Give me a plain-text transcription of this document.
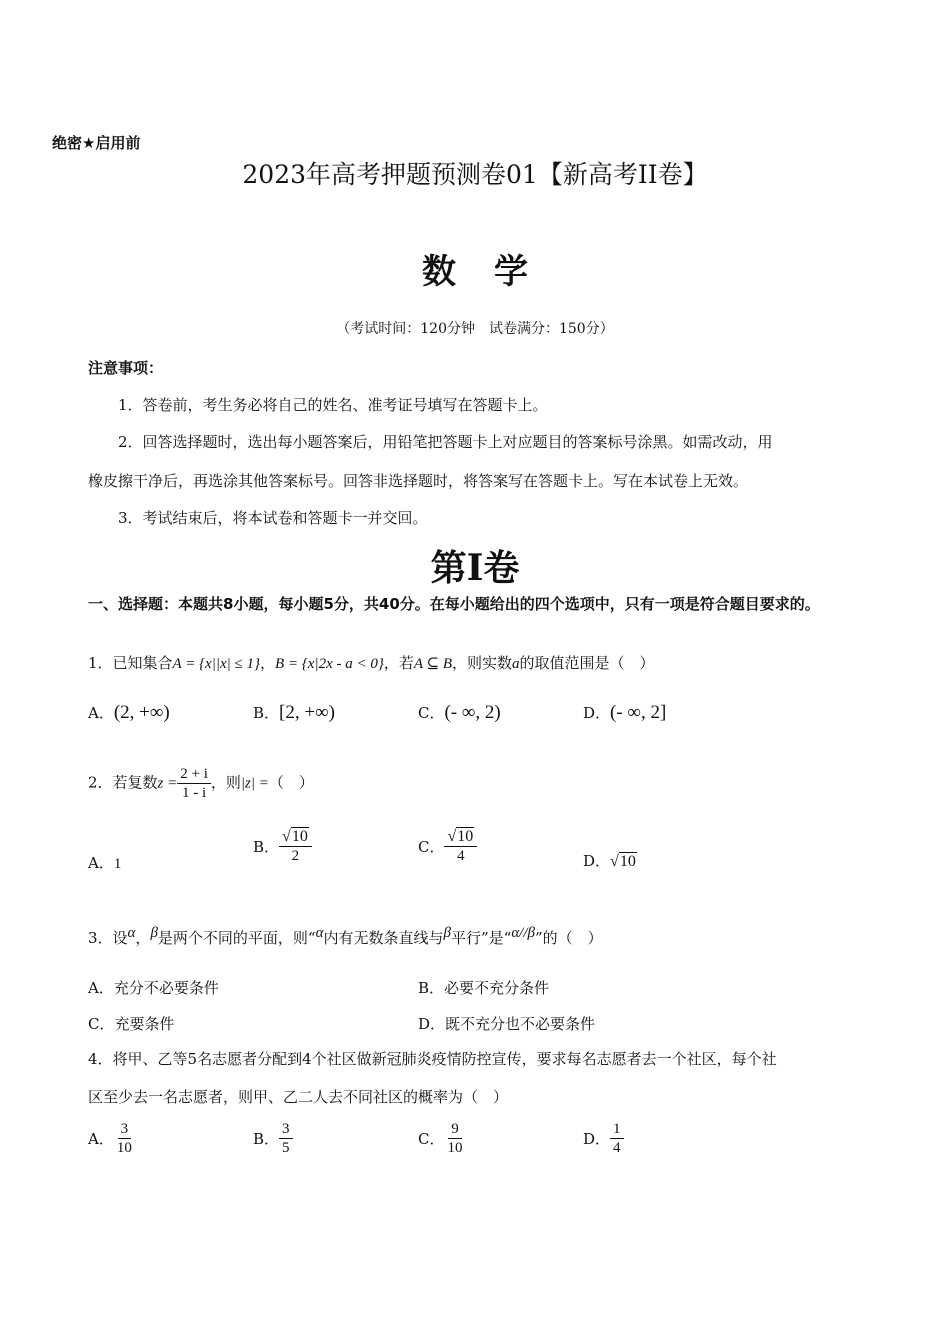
绝密★启用前
2023年高考押题预测卷01【新高考II卷】
数学
（考试时间：120分钟　试卷满分：150分）
注意事项：
1．答卷前，考生务必将自己的姓名、准考证号填写在答题卡上。
2．回答选择题时，选出每小题答案后，用铅笔把答题卡上对应题目的答案标号涂黑。如需改动，用
橡皮擦干净后，再选涂其他答案标号。回答非选择题时，将答案写在答题卡上。写在本试卷上无效。
3．考试结束后，将本试卷和答题卡一并交回。
第I卷
一、选择题：本题共8小题，每小题5分，共40分。在每小题给出的四个选项中，只有一项是符合题目要求的。
1．已知集合A = {x||x| ≤ 1}，B = {x|2x - a < 0}，若A ⊆ B，则实数a的取值范围是（　）
A．(2, +∞)	B．[2, +∞)	C．(- ∞, 2)	D．(- ∞, 2]
2．若复数$z = \frac{2 + i}{1 - i}$ ，则|z| =（　）
A．1
B． $\frac{√10}{2}$	C． $\frac{√10}{4}$	D．√10
3．设α，β是两个不同的平面，则“α内有无数条直线与β平行”是“α//β”的（　）
A．充分不必要条件	B．必要不充分条件
C．充要条件	D．既不充分也不必要条件
4．将甲、乙等5名志愿者分配到4个社区做新冠肺炎疫情防控宣传，要求每名志愿者去一个社区，每个社
区至少去一名志愿者，则甲、乙二人去不同社区的概率为（　）
A． $\frac{3}{10}$	B． $\frac{3}{5}$	C． $\frac{9}{10}$	D． $\frac{1}{4}$
